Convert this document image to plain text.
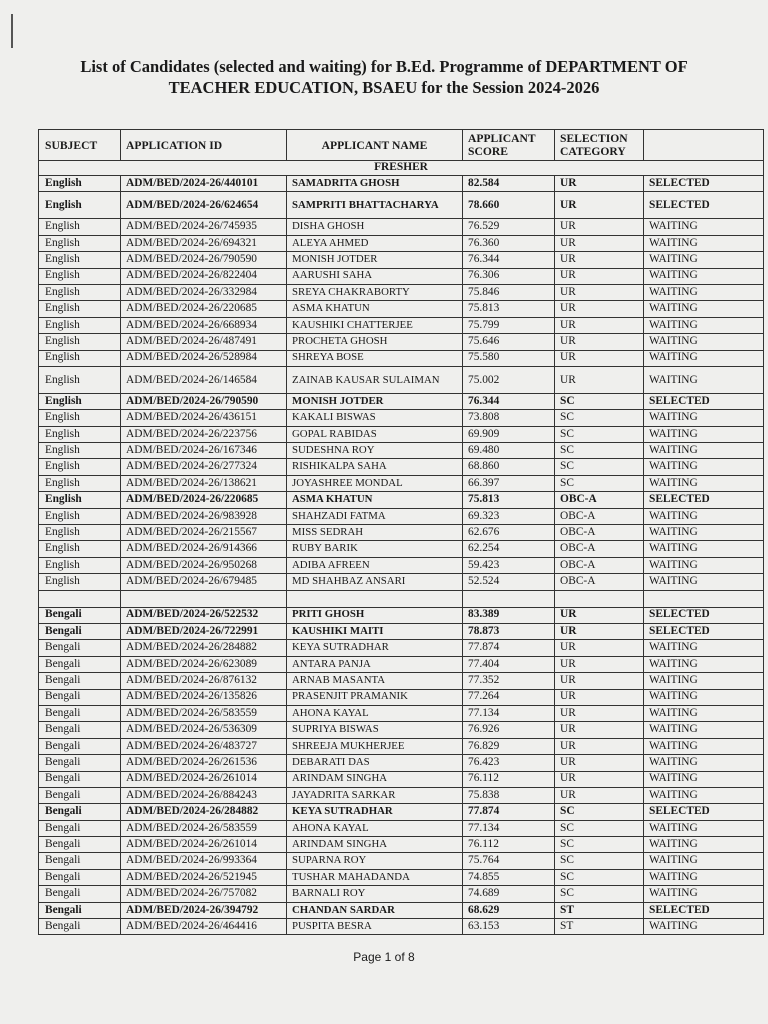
List of Candidates (selected and waiting) for B.Ed. Programme of DEPARTMENT OF
TEACHER EDUCATION, BSAEU for the Session 2024-2026
SUBJECT	APPLICATION ID	APPLICANT NAME	APPLICANT SCORE	SELECTION CATEGORY	
FRESHER					
English	ADM/BED/2024-26/440101	SAMADRITA GHOSH	82.584	UR	SELECTED
English	ADM/BED/2024-26/624654	SAMPRITI BHATTACHARYA	78.660	UR	SELECTED
English	ADM/BED/2024-26/745935	DISHA GHOSH	76.529	UR	WAITING
English	ADM/BED/2024-26/694321	ALEYA AHMED	76.360	UR	WAITING
English	ADM/BED/2024-26/790590	MONISH JOTDER	76.344	UR	WAITING
English	ADM/BED/2024-26/822404	AARUSHI SAHA	76.306	UR	WAITING
English	ADM/BED/2024-26/332984	SREYA CHAKRABORTY	75.846	UR	WAITING
English	ADM/BED/2024-26/220685	ASMA KHATUN	75.813	UR	WAITING
English	ADM/BED/2024-26/668934	KAUSHIKI CHATTERJEE	75.799	UR	WAITING
English	ADM/BED/2024-26/487491	PROCHETA GHOSH	75.646	UR	WAITING
English	ADM/BED/2024-26/528984	SHREYA BOSE	75.580	UR	WAITING
English	ADM/BED/2024-26/146584	ZAINAB KAUSAR SULAIMAN	75.002	UR	WAITING
English	ADM/BED/2024-26/790590	MONISH JOTDER	76.344	SC	SELECTED
English	ADM/BED/2024-26/436151	KAKALI BISWAS	73.808	SC	WAITING
English	ADM/BED/2024-26/223756	GOPAL RABIDAS	69.909	SC	WAITING
English	ADM/BED/2024-26/167346	SUDESHNA ROY	69.480	SC	WAITING
English	ADM/BED/2024-26/277324	RISHIKALPA SAHA	68.860	SC	WAITING
English	ADM/BED/2024-26/138621	JOYASHREE MONDAL	66.397	SC	WAITING
English	ADM/BED/2024-26/220685	ASMA KHATUN	75.813	OBC-A	SELECTED
English	ADM/BED/2024-26/983928	SHAHZADI FATMA	69.323	OBC-A	WAITING
English	ADM/BED/2024-26/215567	MISS SEDRAH	62.676	OBC-A	WAITING
English	ADM/BED/2024-26/914366	RUBY BARIK	62.254	OBC-A	WAITING
English	ADM/BED/2024-26/950268	ADIBA AFREEN	59.423	OBC-A	WAITING
English	ADM/BED/2024-26/679485	MD SHAHBAZ ANSARI	52.524	OBC-A	WAITING

Bengali	ADM/BED/2024-26/522532	PRITI GHOSH	83.389	UR	SELECTED
Bengali	ADM/BED/2024-26/722991	KAUSHIKI MAITI	78.873	UR	SELECTED
Bengali	ADM/BED/2024-26/284882	KEYA SUTRADHAR	77.874	UR	WAITING
Bengali	ADM/BED/2024-26/623089	ANTARA PANJA	77.404	UR	WAITING
Bengali	ADM/BED/2024-26/876132	ARNAB MASANTA	77.352	UR	WAITING
Bengali	ADM/BED/2024-26/135826	PRASENJIT PRAMANIK	77.264	UR	WAITING
Bengali	ADM/BED/2024-26/583559	AHONA KAYAL	77.134	UR	WAITING
Bengali	ADM/BED/2024-26/536309	SUPRIYA BISWAS	76.926	UR	WAITING
Bengali	ADM/BED/2024-26/483727	SHREEJA MUKHERJEE	76.829	UR	WAITING
Bengali	ADM/BED/2024-26/261536	DEBARATI DAS	76.423	UR	WAITING
Bengali	ADM/BED/2024-26/261014	ARINDAM SINGHA	76.112	UR	WAITING
Bengali	ADM/BED/2024-26/884243	JAYADRITA SARKAR	75.838	UR	WAITING
Bengali	ADM/BED/2024-26/284882	KEYA SUTRADHAR	77.874	SC	SELECTED
Bengali	ADM/BED/2024-26/583559	AHONA KAYAL	77.134	SC	WAITING
Bengali	ADM/BED/2024-26/261014	ARINDAM SINGHA	76.112	SC	WAITING
Bengali	ADM/BED/2024-26/993364	SUPARNA ROY	75.764	SC	WAITING
Bengali	ADM/BED/2024-26/521945	TUSHAR MAHADANDA	74.855	SC	WAITING
Bengali	ADM/BED/2024-26/757082	BARNALI ROY	74.689	SC	WAITING
Bengali	ADM/BED/2024-26/394792	CHANDAN SARDAR	68.629	ST	SELECTED
Bengali	ADM/BED/2024-26/464416	PUSPITA BESRA	63.153	ST	WAITING
Page 1 of 8
